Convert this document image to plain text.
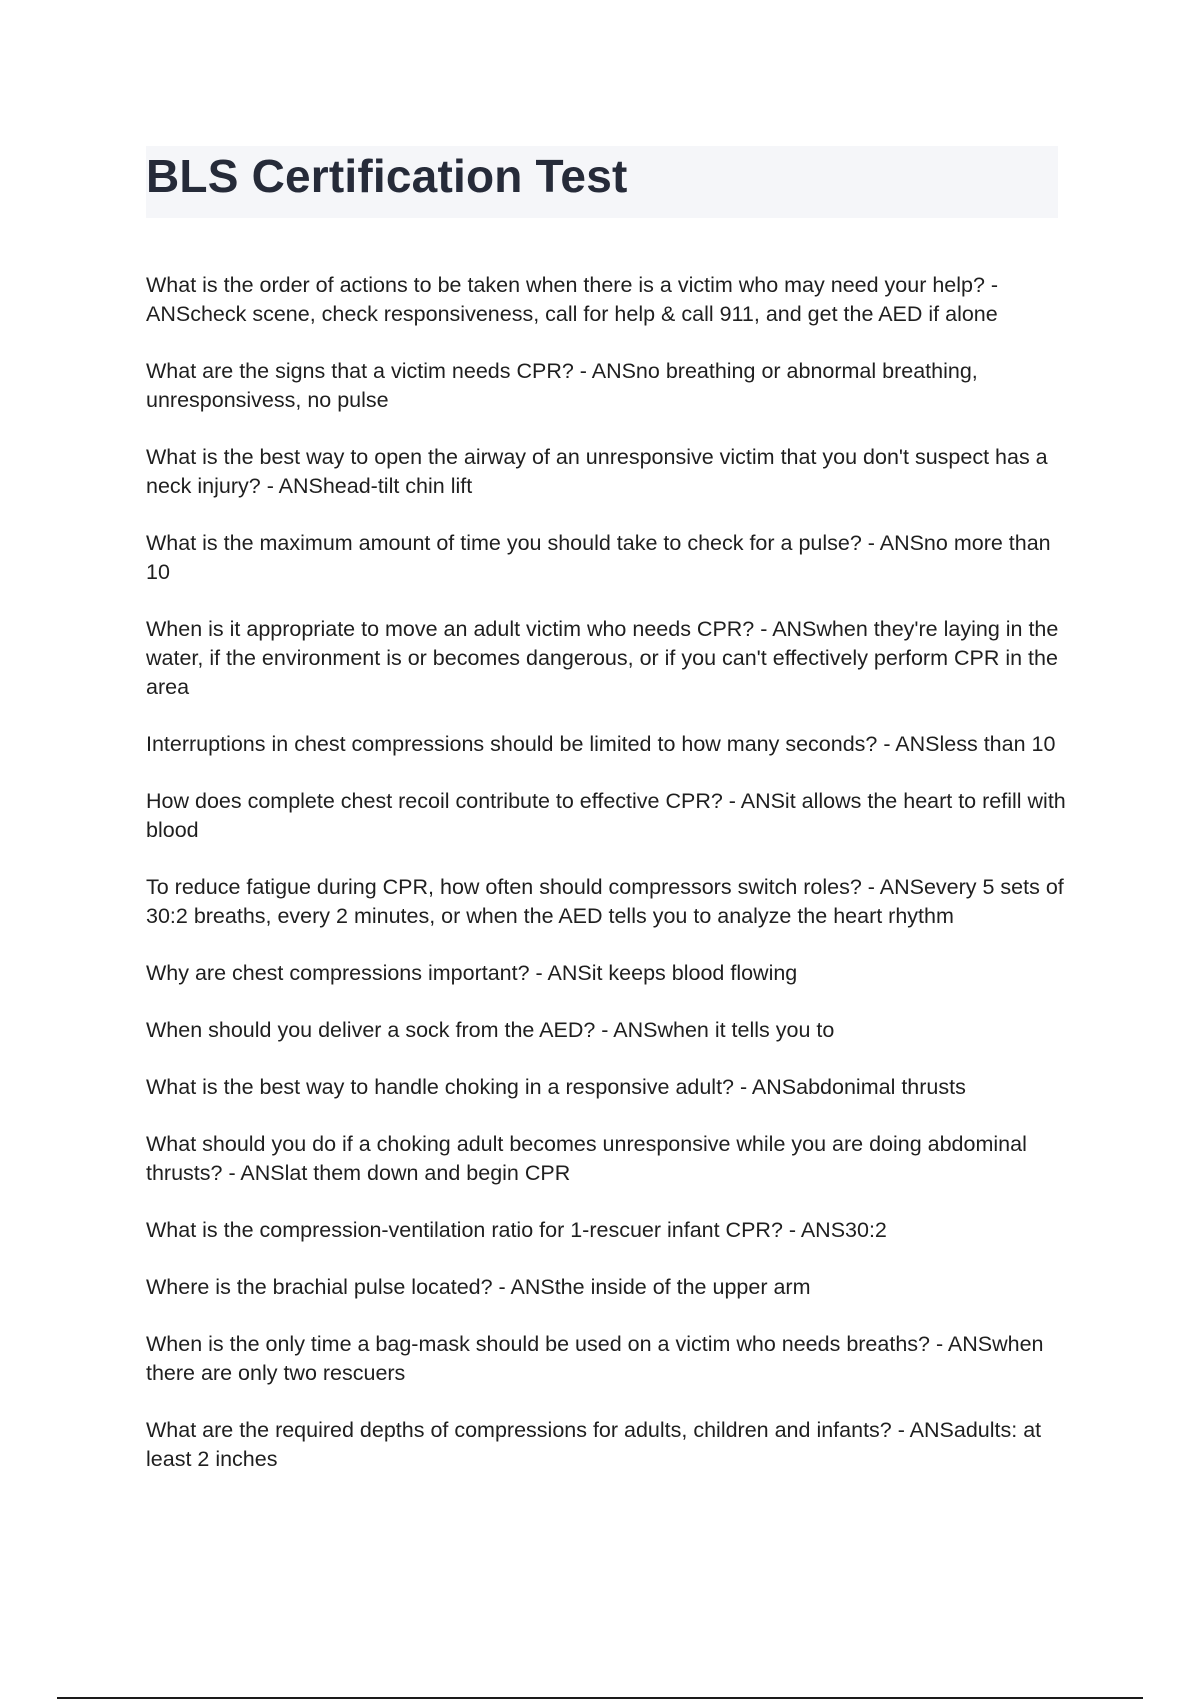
BLS Certification Test

What is the order of actions to be taken when there is a victim who may need your help? - ANScheck scene, check responsiveness, call for help & call 911, and get the AED if alone

What are the signs that a victim needs CPR? - ANSno breathing or abnormal breathing, unresponsivess, no pulse

What is the best way to open the airway of an unresponsive victim that you don't suspect has a neck injury? - ANShead-tilt chin lift

What is the maximum amount of time you should take to check for a pulse? - ANSno more than 10

When is it appropriate to move an adult victim who needs CPR? - ANSwhen they're laying in the water, if the environment is or becomes dangerous, or if you can't effectively perform CPR in the area

Interruptions in chest compressions should be limited to how many seconds? - ANSless than 10

How does complete chest recoil contribute to effective CPR? - ANSit allows the heart to refill with blood

To reduce fatigue during CPR, how often should compressors switch roles? - ANSevery 5 sets of 30:2 breaths, every 2 minutes, or when the AED tells you to analyze the heart rhythm

Why are chest compressions important? - ANSit keeps blood flowing

When should you deliver a sock from the AED? - ANSwhen it tells you to

What is the best way to handle choking in a responsive adult? - ANSabdonimal thrusts

What should you do if a choking adult becomes unresponsive while you are doing abdominal thrusts? - ANSlat them down and begin CPR

What is the compression-ventilation ratio for 1-rescuer infant CPR? - ANS30:2

Where is the brachial pulse located? - ANSthe inside of the upper arm

When is the only time a bag-mask should be used on a victim who needs breaths? - ANSwhen there are only two rescuers

What are the required depths of compressions for adults, children and infants? - ANSadults: at least 2 inches
